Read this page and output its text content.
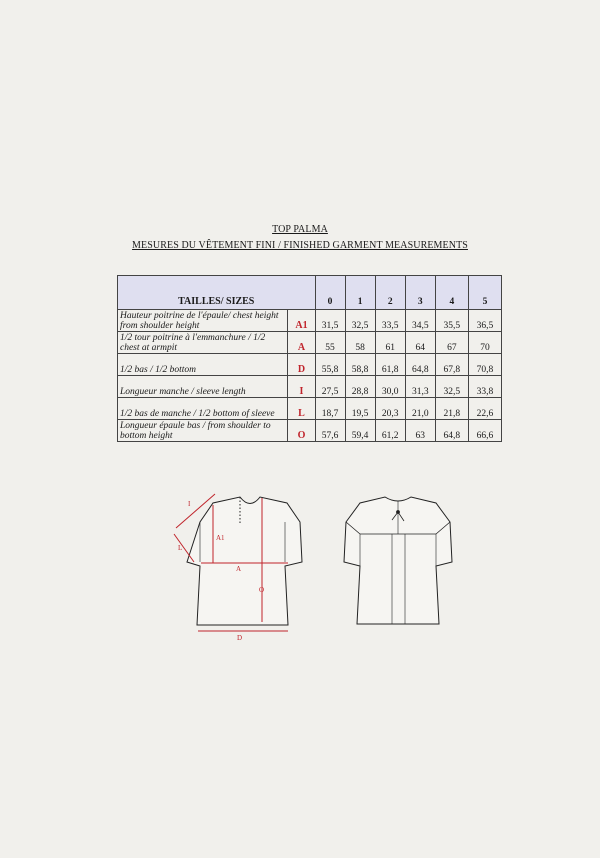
TOP PALMA
MESURES DU VÊTEMENT FINI / FINISHED GARMENT MEASUREMENTS
TAILLES/ SIZES		0	1	2	3	4	5
Hauteur poitrine de l'épaule/ chest height from shoulder height	A1	31,5	32,5	33,5	34,5	35,5	36,5
1/2 tour poitrine à l'emmanchure / 1/2 chest at armpit	A	55	58	61	64	67	70
1/2 bas / 1/2 bottom	D	55,8	58,8	61,8	64,8	67,8	70,8
Longueur manche / sleeve length	I	27,5	28,8	30,0	31,3	32,5	33,8
1/2 bas de manche / 1/2 bottom of sleeve	L	18,7	19,5	20,3	21,0	21,8	22,6
Longueur épaule bas / from shoulder to bottom height	O	57,6	59,4	61,2	63	64,8	66,6
I
A1
L
A
O
D
